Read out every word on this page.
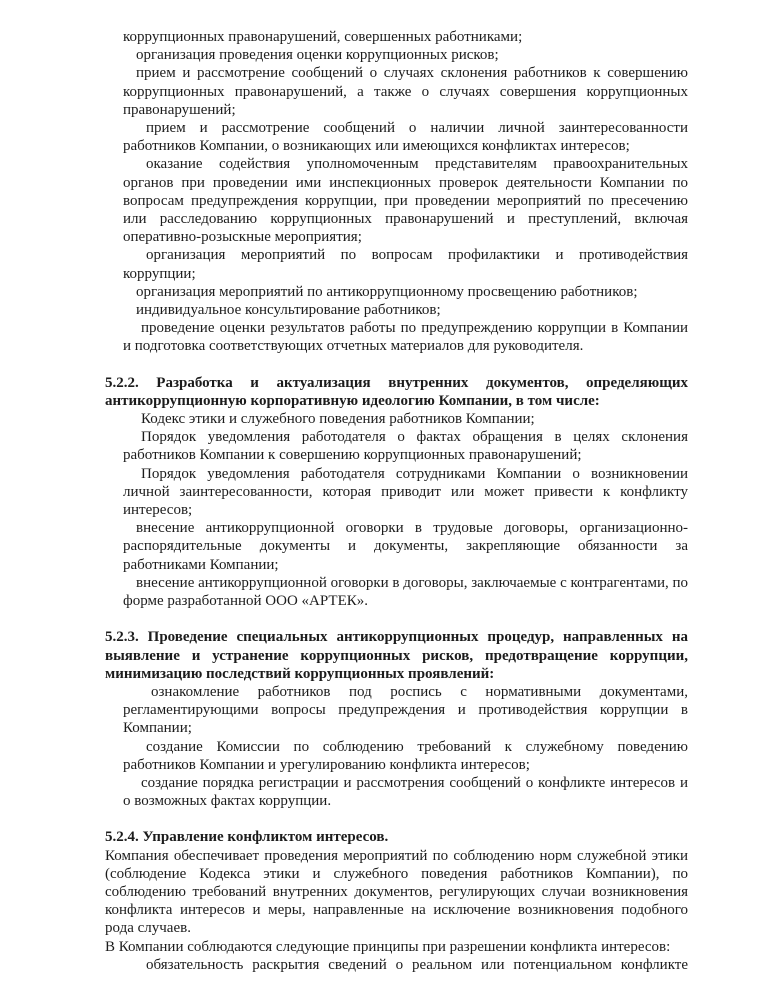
коррупционных правонарушений, совершенных работниками;

организация проведения оценки коррупционных рисков;

прием и рассмотрение сообщений о случаях склонения работников к совершению коррупционных правонарушений, а также о случаях совершения коррупционных правонарушений;

прием и рассмотрение сообщений о наличии личной заинтересованности работников Компании, о возникающих или имеющихся конфликтах интересов;

оказание содействия уполномоченным представителям правоохранительных органов при проведении ими инспекционных проверок деятельности Компании по вопросам предупреждения коррупции, при проведении мероприятий по пресечению или расследованию коррупционных правонарушений и преступлений, включая оперативно-розыскные мероприятия;

организация мероприятий по вопросам профилактики и противодействия коррупции;

организация мероприятий по антикоррупционному просвещению работников;

индивидуальное консультирование работников;

проведение оценки результатов работы по предупреждению коррупции в Компании и подготовка соответствующих отчетных материалов для руководителя.

5.2.2. Разработка и актуализация внутренних документов, определяющих антикоррупционную корпоративную идеологию Компании, в том числе:

Кодекс этики и служебного поведения работников Компании;

Порядок уведомления работодателя о фактах обращения в целях склонения работников Компании к совершению коррупционных правонарушений;

Порядок уведомления работодателя сотрудниками Компании о возникновении личной заинтересованности, которая приводит или может привести к конфликту интересов;

внесение антикоррупционной оговорки в трудовые договоры, организационно-распорядительные документы и документы, закрепляющие обязанности за работниками Компании;

внесение антикоррупционной оговорки в договоры, заключаемые с контрагентами, по форме разработанной ООО «АРТЕК».

5.2.3. Проведение специальных антикоррупционных процедур, направленных на выявление и устранение коррупционных рисков, предотвращение коррупции, минимизацию последствий коррупционных проявлений:

ознакомление работников под роспись с нормативными документами, регламентирующими вопросы предупреждения и противодействия коррупции в Компании;

создание Комиссии по соблюдению требований к служебному поведению работников Компании и урегулированию конфликта интересов;

создание порядка регистрации и рассмотрения сообщений о конфликте интересов и о возможных фактах коррупции.

5.2.4. Управление конфликтом интересов.

Компания обеспечивает проведения мероприятий по соблюдению норм служебной этики (соблюдение Кодекса этики и служебного поведения работников Компании), по соблюдению требований внутренних документов, регулирующих случаи возникновения конфликта интересов и меры, направленные на исключение возникновения подобного рода случаев.

В Компании соблюдаются следующие принципы при разрешении конфликта интересов:

обязательность раскрытия сведений о реальном или потенциальном конфликте
